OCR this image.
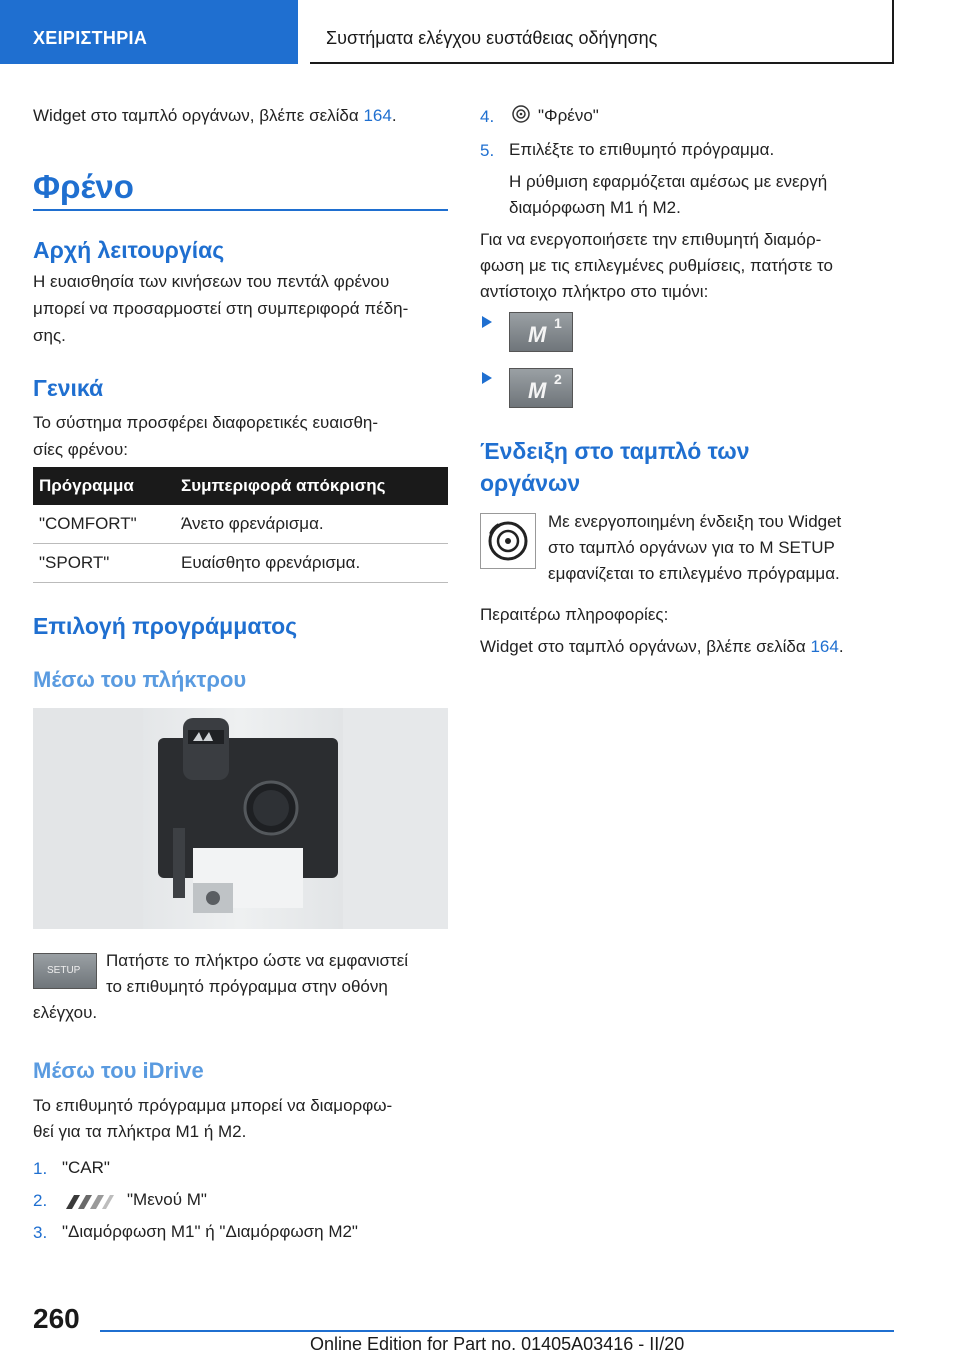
ΧΕΙΡΙΣΤΗΡΙΑ	Συστήματα ελέγχου ευστάθειας οδήγησης
Widget στο ταμπλό οργάνων, βλέπε σελίδα 164.
Φρένο
Αρχή λειτουργίας
Η ευαισθησία των κινήσεων του πεντάλ φρένου
μπορεί να προσαρμοστεί στη συμπεριφορά πέδη-
σης.
Γενικά
Το σύστημα προσφέρει διαφορετικές ευαισθη-
σίες φρένου:
Πρόγραμμα	Συμπεριφορά απόκρισης
"COMFORT"	Άνετο φρενάρισμα.
"SPORT"	Ευαίσθητο φρενάρισμα.
Επιλογή προγράμματος
Μέσω του πλήκτρου
SETUP
Πατήστε το πλήκτρο ώστε να εμφανιστεί
το επιθυμητό πρόγραμμα στην οθόνη
ελέγχου.
Μέσω του iDrive
Το επιθυμητό πρόγραμμα μπορεί να διαμορφω-
θεί για τα πλήκτρα M1 ή M2.
1. "CAR"
2.	"Μενού M"
3. "Διαμόρφωση M1" ή "Διαμόρφωση M2"
4.	"Φρένο"
5. Επιλέξτε το επιθυμητό πρόγραμμα.
Η ρύθμιση εφαρμόζεται αμέσως με ενεργή
διαμόρφωση M1 ή M2.
Για να ενεργοποιήσετε την επιθυμητή διαμόρ-
φωση με τις επιλεγμένες ρυθμίσεις, πατήστε το
αντίστοιχο πλήκτρο στο τιμόνι:
M 1
M 2
Ένδειξη στο ταμπλό των
οργάνων
Με ενεργοποιημένη ένδειξη του Widget
στο ταμπλό οργάνων για το M SETUP
εμφανίζεται το επιλεγμένο πρόγραμμα.
Περαιτέρω πληροφορίες:
Widget στο ταμπλό οργάνων, βλέπε σελίδα 164.
260
Online Edition for Part no. 01405A03416 - II/20
